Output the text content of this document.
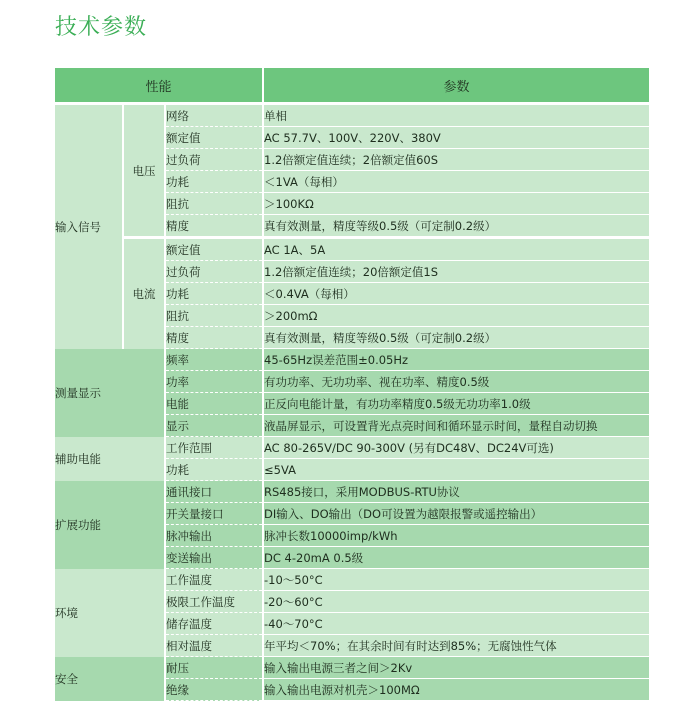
技术参数
性能			参数
输入信号	电压	网络	单相
		额定值	AC 57.7V、100V、220V、380V
		过负荷	1.2倍额定值连续；2倍额定值60S
		功耗	＜1VA（每相）
		阻抗	＞100KΩ
		精度	真有效测量，精度等级0.5级（可定制0.2级）
	电流	额定值	AC 1A、5A
		过负荷	1.2倍额定值连续；20倍额定值1S
		功耗	＜0.4VA（每相）
		阻抗	＞200mΩ
		精度	真有效测量，精度等级0.5级（可定制0.2级）
测量显示		频率	45-65Hz误差范围±0.05Hz
		功率	有功功率、无功功率、视在功率、精度0.5级
		电能	正反向电能计量，有功功率精度0.5级无功功率1.0级
		显示	液晶屏显示，可设置背光点亮时间和循环显示时间，量程自动切换
辅助电能		工作范围	AC 80-265V/DC 90-300V (另有DC48V、DC24V可选)
		功耗	≤5VA
扩展功能		通讯接口	RS485接口，采用MODBUS-RTU协议
		开关量接口	DI输入、DO输出（DO可设置为越限报警或遥控输出）
		脉冲输出	脉冲长数10000imp/kWh
		变送输出	DC 4-20mA 0.5级
环境		工作温度	-10～50°C
		极限工作温度	-20～60°C
		储存温度	-40～70°C
		相对温度	年平均＜70%；在其余时间有时达到85%；无腐蚀性气体
安全		耐压	输入输出电源三者之间＞2Kv
		绝缘	输入输出电源对机壳＞100MΩ
